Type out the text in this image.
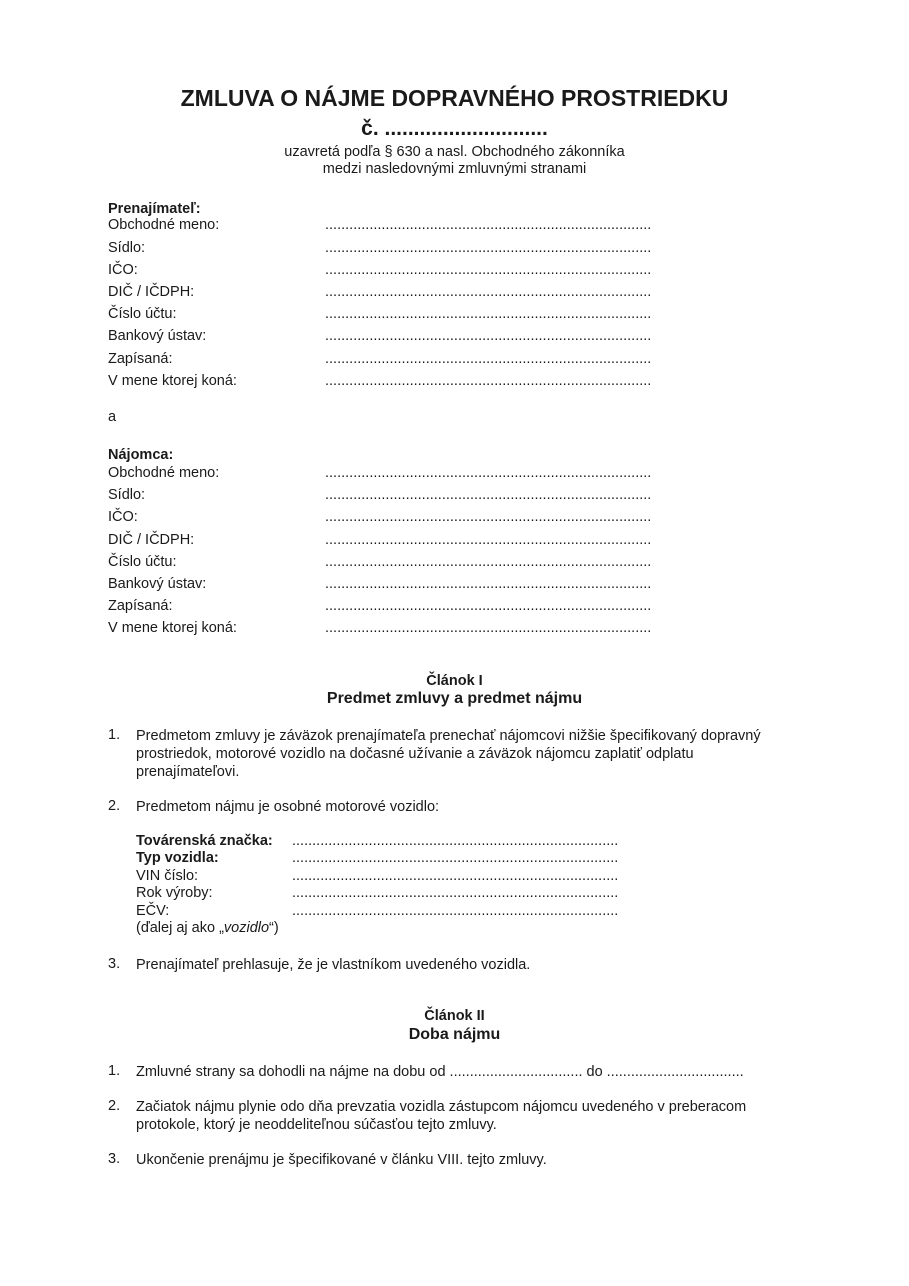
ZMLUVA O NÁJME DOPRAVNÉHO PROSTRIEDKU
č. ............................
uzavretá podľa § 630 a nasl. Obchodného zákonníka
medzi nasledovnými zmluvnými stranami
Prenajímateľ:
Obchodné meno:	.................................................................................
Sídlo:	.................................................................................
IČO:	.................................................................................
DIČ / IČDPH:	.................................................................................
Číslo účtu:	.................................................................................
Bankový ústav:	.................................................................................
Zapísaná:	.................................................................................
V mene ktorej koná:	.................................................................................
a
Nájomca:
Obchodné meno:	.................................................................................
Sídlo:	.................................................................................
IČO:	.................................................................................
DIČ / IČDPH:	.................................................................................
Číslo účtu:	.................................................................................
Bankový ústav:	.................................................................................
Zapísaná:	.................................................................................
V mene ktorej koná:	.................................................................................
Článok I
Predmet zmluvy a predmet nájmu
1. Predmetom zmluvy je záväzok prenajímateľa prenechať nájomcovi nižšie špecifikovaný dopravný
prostriedok, motorové vozidlo na dočasné užívanie a záväzok nájomcu zaplatiť odplatu
prenajímateľovi.
2. Predmetom nájmu je osobné motorové vozidlo:
Továrenská značka: .................................................................................
Typ vozidla:	.................................................................................
VIN číslo:	.................................................................................
Rok výroby:	.................................................................................
EČV:	.................................................................................
(ďalej aj ako „vozidlo“)
3. Prenajímateľ prehlasuje, že je vlastníkom uvedeného vozidla.
Článok II
Doba nájmu
1. Zmluvné strany sa dohodli na nájme na dobu od ................................. do ..................................
2. Začiatok nájmu plynie odo dňa prevzatia vozidla zástupcom nájomcu uvedeného v preberacom
protokole, ktorý je neoddeliteľnou súčasťou tejto zmluvy.
3. Ukončenie prenájmu je špecifikované v článku VIII. tejto zmluvy.
